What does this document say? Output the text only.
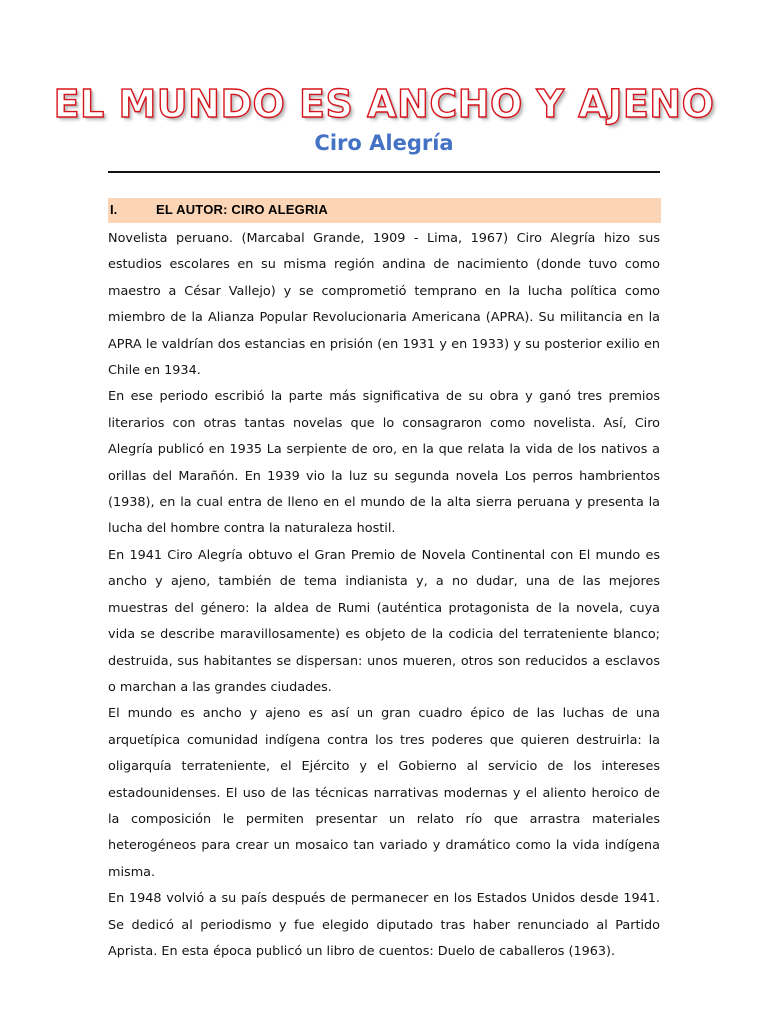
EL MUNDO ES ANCHO Y AJENO
Ciro Alegría
I.	EL AUTOR: CIRO ALEGRIA

Novelista peruano. (Marcabal Grande, 1909 - Lima, 1967) Ciro Alegría hizo sus estudios escolares en su misma región andina de nacimiento (donde tuvo como maestro a César Vallejo) y se comprometió temprano en la lucha política como miembro de la Alianza Popular Revolucionaria Americana (APRA). Su militancia en la APRA le valdrían dos estancias en prisión (en 1931 y en 1933) y su posterior exilio en Chile en 1934.

En ese periodo escribió la parte más significativa de su obra y ganó tres premios literarios con otras tantas novelas que lo consagraron como novelista. Así, Ciro Alegría publicó en 1935 La serpiente de oro, en la que relata la vida de los nativos a orillas del Marañón. En 1939 vio la luz su segunda novela Los perros hambrientos (1938), en la cual entra de lleno en el mundo de la alta sierra peruana y presenta la lucha del hombre contra la naturaleza hostil.

En 1941 Ciro Alegría obtuvo el Gran Premio de Novela Continental con El mundo es ancho y ajeno, también de tema indianista y, a no dudar, una de las mejores muestras del género: la aldea de Rumi (auténtica protagonista de la novela, cuya vida se describe maravillosamente) es objeto de la codicia del terrateniente blanco; destruida, sus habitantes se dispersan: unos mueren, otros son reducidos a esclavos o marchan a las grandes ciudades.

El mundo es ancho y ajeno es así un gran cuadro épico de las luchas de una arquetípica comunidad indígena contra los tres poderes que quieren destruirla: la oligarquía terrateniente, el Ejército y el Gobierno al servicio de los intereses estadounidenses. El uso de las técnicas narrativas modernas y el aliento heroico de la composición le permiten presentar un relato río que arrastra materiales heterogéneos para crear un mosaico tan variado y dramático como la vida indígena misma.

En 1948 volvió a su país después de permanecer en los Estados Unidos desde 1941. Se dedicó al periodismo y fue elegido diputado tras haber renunciado al Partido Aprista. En esta época publicó un libro de cuentos: Duelo de caballeros (1963).
